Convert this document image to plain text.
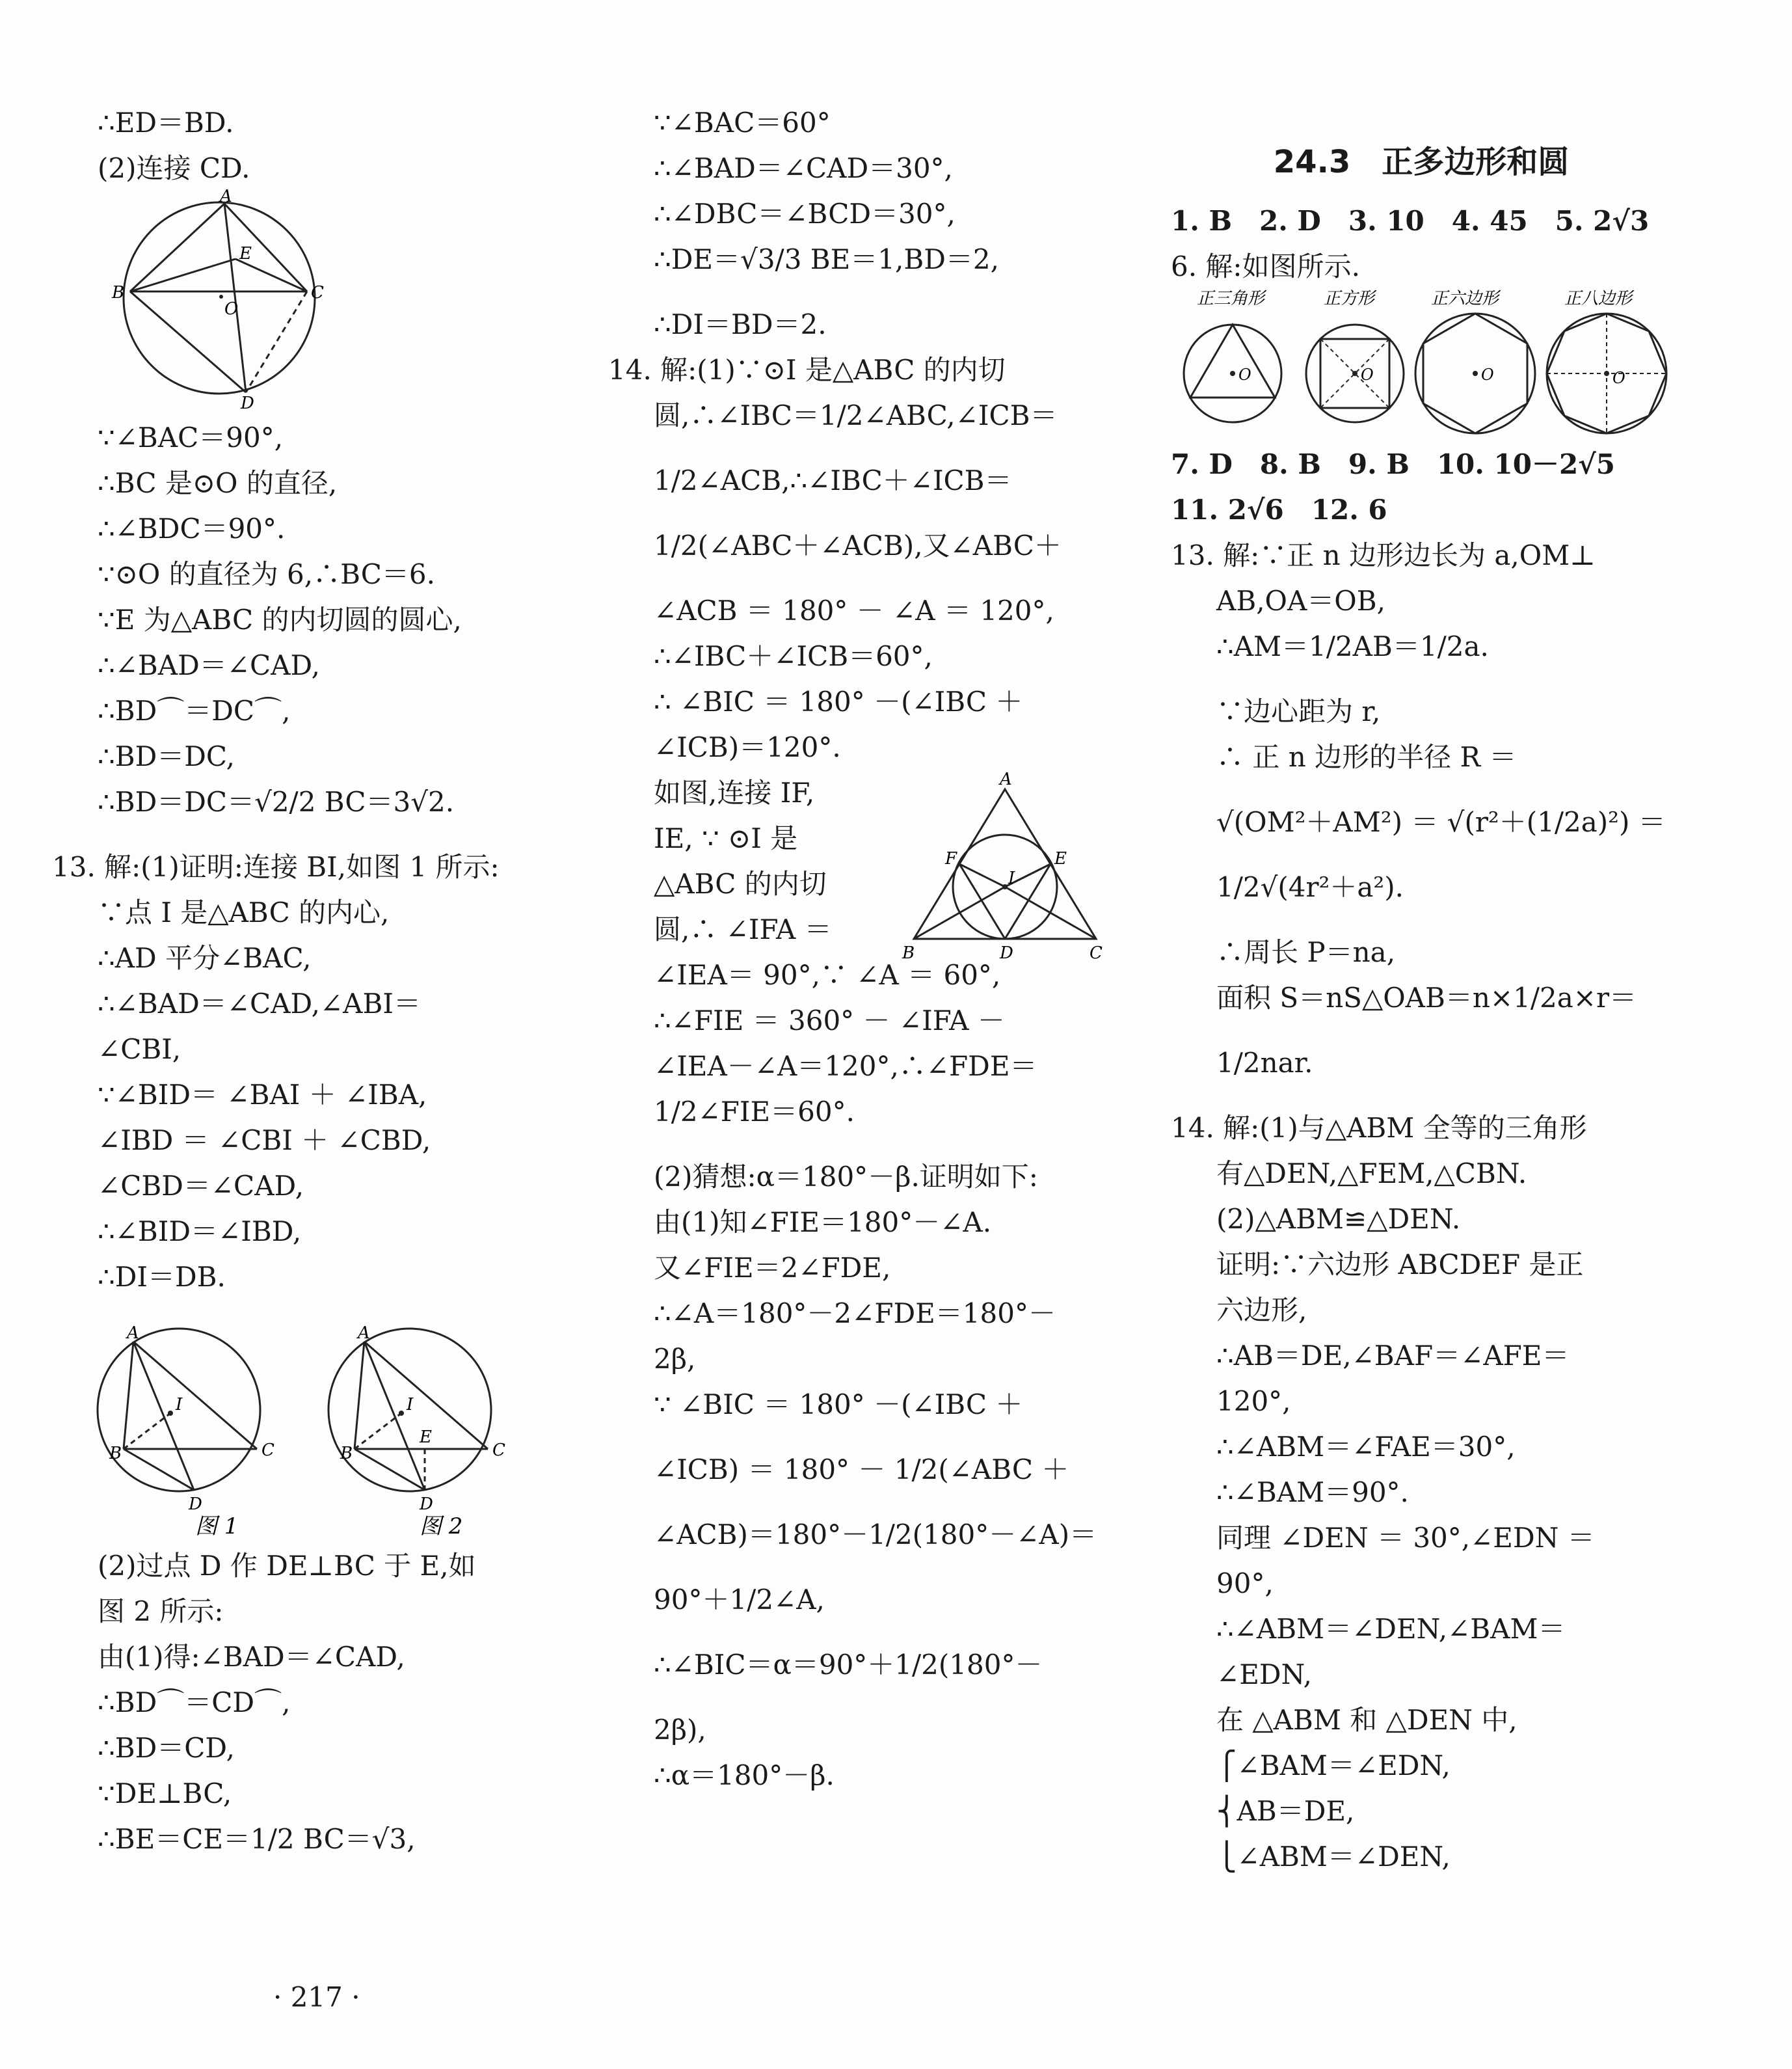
∴ED＝BD.
(2)连接 CD.
A
B	C
D
E
O
∵∠BAC＝90°,
∴BC 是⊙O 的直径,
∴∠BDC＝90°.
∵⊙O 的直径为 6,∴BC＝6.
∵E 为△ABC 的内切圆的圆心,
∴∠BAD＝∠CAD,
∴BD⌒＝DC⌒,
∴BD＝DC,
∴BD＝DC＝√2/2 BC＝3√2.
13. 解:(1)证明:连接 BI,如图 1 所示:
∵点 I 是△ABC 的内心,
∴AD 平分∠BAC,
∴∠BAD＝∠CAD,∠ABI＝
∠CBI,
∵∠BID＝ ∠BAI ＋ ∠IBA,
∠IBD ＝ ∠CBI ＋ ∠CBD,
∠CBD＝∠CAD,
∴∠BID＝∠IBD,
∴DI＝DB.
A
B	C
D
I
图 1
A
B	C
D
I
E
图 2
(2)过点 D 作 DE⊥BC 于 E,如
图 2 所示:
由(1)得:∠BAD＝∠CAD,
∴BD⌒＝CD⌒,
∴BD＝CD,
∵DE⊥BC,
∴BE＝CE＝1/2 BC＝√3,
∵∠BAC＝60°
∴∠BAD＝∠CAD＝30°,
∴∠DBC＝∠BCD＝30°,
∴DE＝√3/3 BE＝1,BD＝2,
∴DI＝BD＝2.
14. 解:(1)∵⊙I 是△ABC 的内切
圆,∴∠IBC＝1/2∠ABC,∠ICB＝
1/2∠ACB,∴∠IBC＋∠ICB＝
1/2(∠ABC＋∠ACB),又∠ABC＋
∠ACB ＝ 180° － ∠A ＝ 120°,
∴∠IBC＋∠ICB＝60°,
∴ ∠BIC ＝ 180° －(∠IBC ＋
∠ICB)＝120°.
如图,连接 IF,
IE, ∵ ⊙I 是
△ABC 的内切
圆,∴ ∠IFA ＝
A
B	C
D
F	E
I
∠IEA＝ 90°,∵ ∠A ＝ 60°,
∴∠FIE ＝ 360° － ∠IFA －
∠IEA－∠A＝120°,∴∠FDE＝
1/2∠FIE＝60°.
(2)猜想:α＝180°－β.证明如下:
由(1)知∠FIE＝180°－∠A.
又∠FIE＝2∠FDE,
∴∠A＝180°－2∠FDE＝180°－
2β,
∵ ∠BIC ＝ 180° －(∠IBC ＋
∠ICB) ＝ 180° － 1/2(∠ABC ＋
∠ACB)＝180°－1/2(180°－∠A)＝
90°＋1/2∠A,
∴∠BIC＝α＝90°＋1/2(180°－
2β),
∴α＝180°－β.
24.3　正多边形和圆
1. B　2. D　3. 10　4. 45　5. 2√3
6. 解:如图所示.
正三角形	正方形	正六边形	正八边形
O	O	O	O
7. D　8. B　9. B　10. 10－2√5
11. 2√6　12. 6
13. 解:∵正 n 边形边长为 a,OM⊥
AB,OA＝OB,
∴AM＝1/2AB＝1/2a.
∵边心距为 r,
∴ 正 n 边形的半径 R ＝
√(OM²＋AM²) ＝ √(r²＋(1/2a)²) ＝
1/2√(4r²＋a²).
∴周长 P＝na,
面积 S＝nS△OAB＝n×1/2a×r＝
1/2nar.
14. 解:(1)与△ABM 全等的三角形
有△DEN,△FEM,△CBN.
(2)△ABM≌△DEN.
证明:∵六边形 ABCDEF 是正
六边形,
∴AB＝DE,∠BAF＝∠AFE＝
120°,
∴∠ABM＝∠FAE＝30°,
∴∠BAM＝90°.
同理 ∠DEN ＝ 30°,∠EDN ＝
90°,
∴∠ABM＝∠DEN,∠BAM＝
∠EDN,
在 △ABM 和 △DEN 中,
⎧∠BAM＝∠EDN,
⎨AB＝DE,
⎩∠ABM＝∠DEN,
· 217 ·
